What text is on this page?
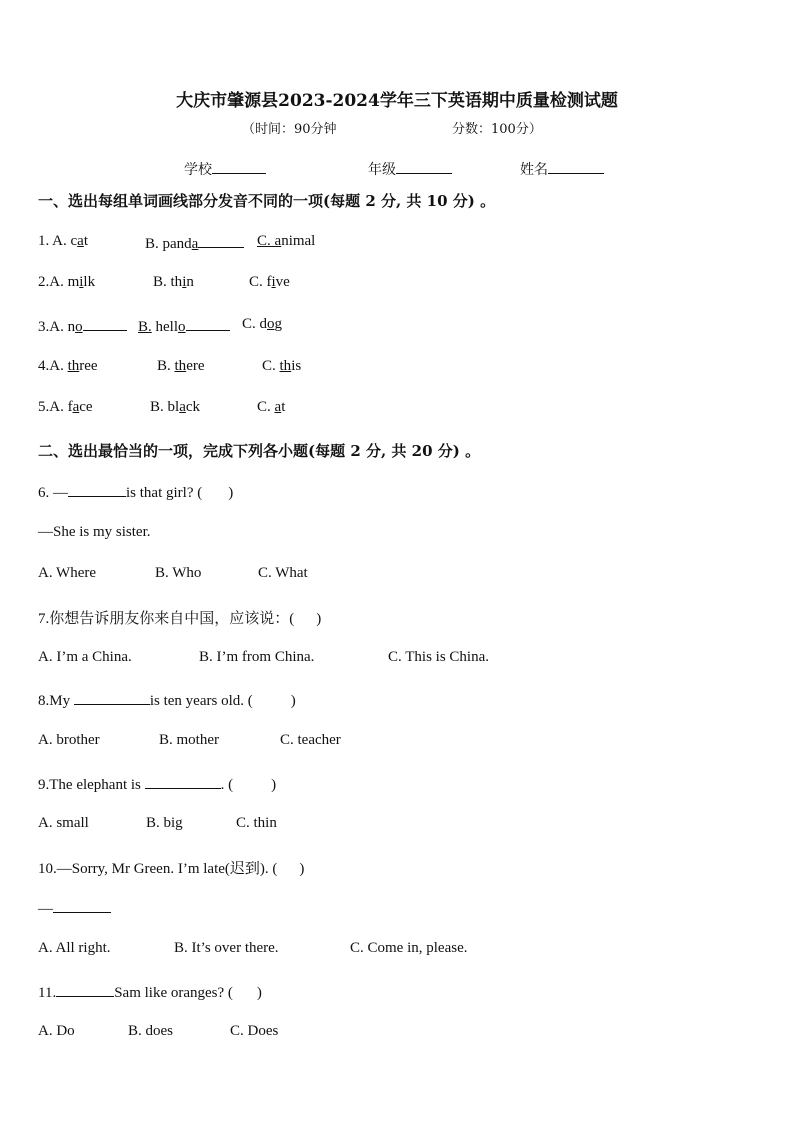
大庆市肇源县2023-2024学年三下英语期中质量检测试题
（时间：90分钟	分数：100分）
学校	年级	姓名
一、选出每组单词画线部分发音不同的一项(每题 2 分, 共 10 分) 。
1. A. cat	B. panda	C. animal
2.A. milk	B. thin	C. five
3.A. no	B. hello	C. dog
4.A. three	B. there	C. this
5.A. face	B. black	C. at
二、选出最恰当的一项，完成下列各小题(每题 2 分, 共 20 分) 。
6. —	is that girl? ( )
—She is my sister.
A. Where	B. Who	C. What
7.你想告诉朋友你来自中国，应该说：( )
A. I’m a China.	B. I’m from China.	C. This is China.
8.My	is ten years old. (	)
A. brother	B. mother	C. teacher
9.The elephant is	. (	)
A. small	B. big	C. thin
10.—Sorry, Mr Green. I’m late(迟到). ( )
—
A. All right.	B. It’s over there.	C. Come in, please.
11.	Sam like oranges? ( )
A. Do	B. does	C. Does
